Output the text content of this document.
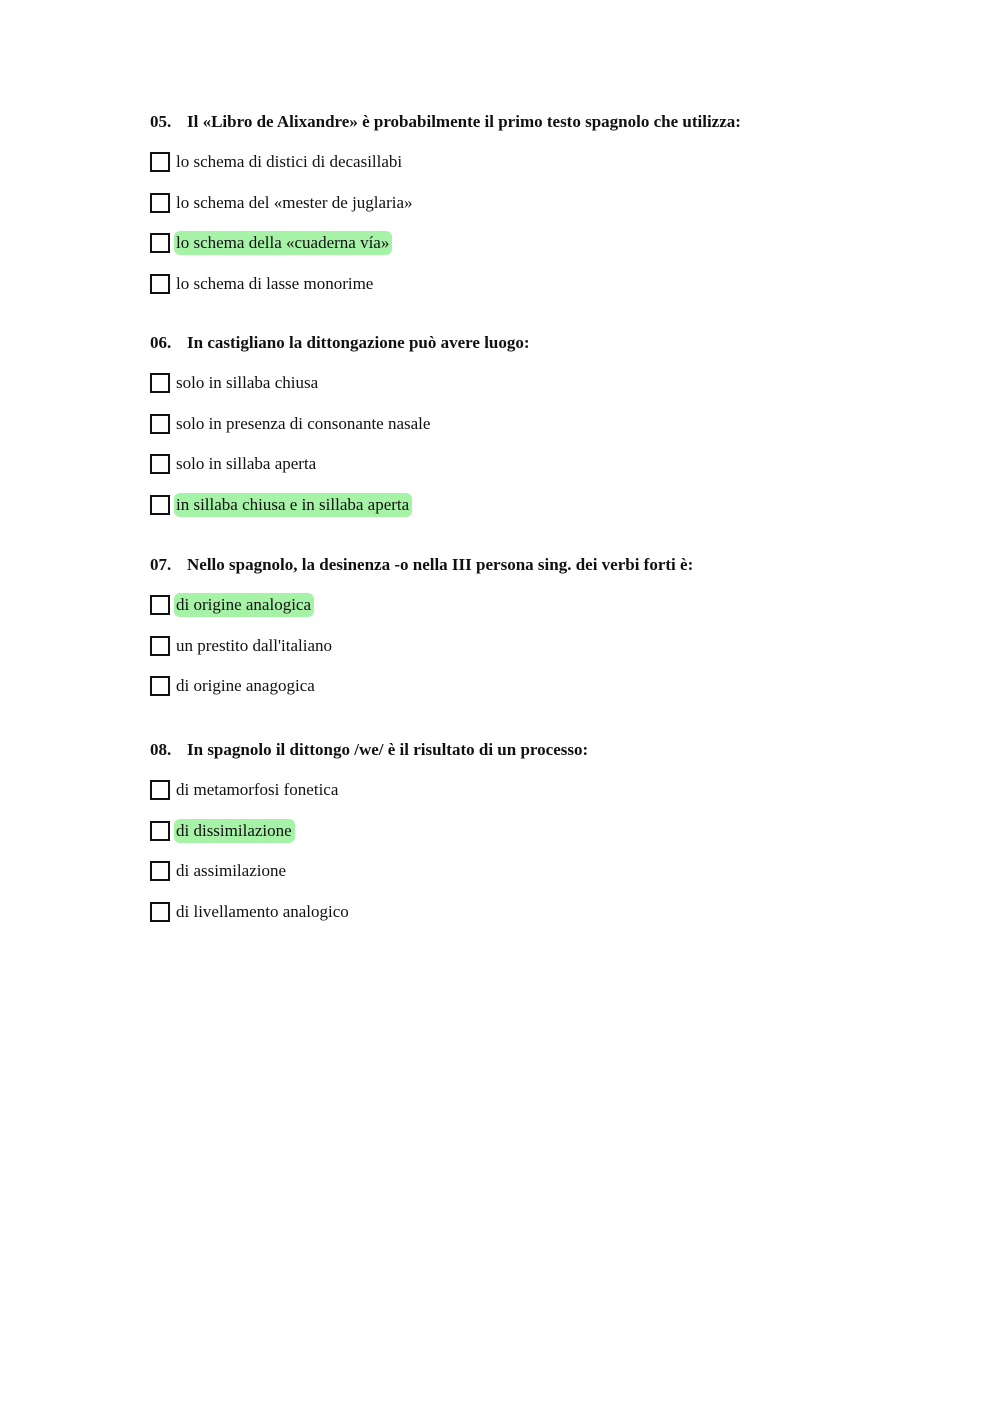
05. Il «Libro de Alixandre» è probabilmente il primo testo spagnolo che utilizza:
lo schema di distici di decasillabi
lo schema del «mester de juglaria»
lo schema della «cuaderna vía»
lo schema di lasse monorime
06. In castigliano la dittongazione può avere luogo:
solo in sillaba chiusa
solo in presenza di consonante nasale
solo in sillaba aperta
in sillaba chiusa e in sillaba aperta
07. Nello spagnolo, la desinenza -o nella III persona sing. dei verbi forti è:
di origine analogica
un prestito dall'italiano
di origine anagogica
08. In spagnolo il dittongo /we/ è il risultato di un processo:
di metamorfosi fonetica
di dissimilazione
di assimilazione
di livellamento analogico
